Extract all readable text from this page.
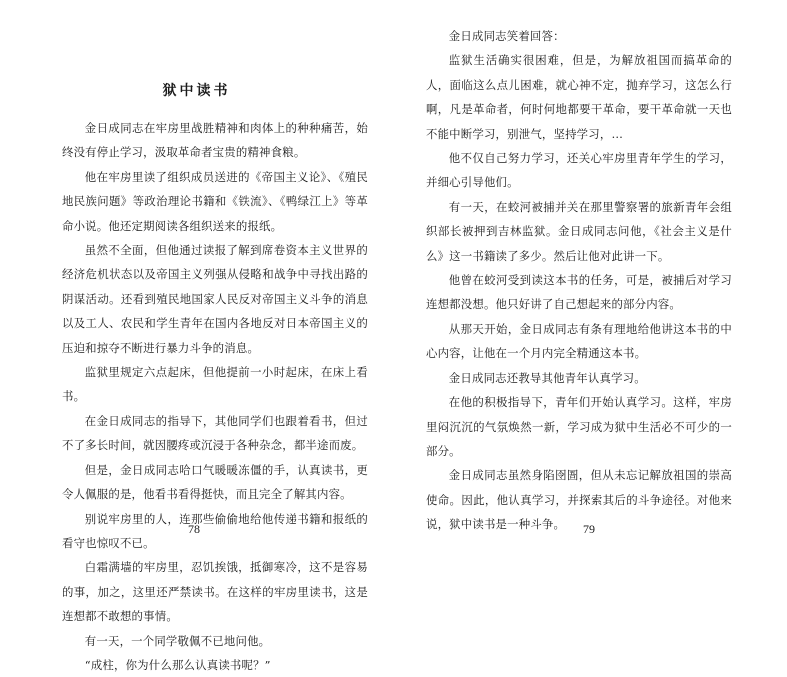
狱中读书

金日成同志在牢房里战胜精神和肉体上的种种痛苦，始终没有停止学习，汲取革命者宝贵的精神食粮。

他在牢房里读了组织成员送进的《帝国主义论》、《殖民地民族问题》等政治理论书籍和《铁流》、《鸭绿江上》等革命小说。他还定期阅读各组织送来的报纸。

虽然不全面，但他通过读报了解到席卷资本主义世界的经济危机状态以及帝国主义列强从侵略和战争中寻找出路的阴谋活动。还看到殖民地国家人民反对帝国主义斗争的消息以及工人、农民和学生青年在国内各地反对日本帝国主义的压迫和掠夺不断进行暴力斗争的消息。

监狱里规定六点起床，但他提前一小时起床，在床上看书。

在金日成同志的指导下，其他同学们也跟着看书，但过不了多长时间，就因腰疼或沉浸于各种杂念，都半途而废。

但是，金日成同志哈口气暖暖冻僵的手，认真读书，更令人佩服的是，他看书看得挺快，而且完全了解其内容。

别说牢房里的人，连那些偷偷地给他传递书籍和报纸的看守也惊叹不已。

白霜满墙的牢房里，忍饥挨饿，抵御寒冷，这不是容易的事，加之，这里还严禁读书。在这样的牢房里读书，这是连想都不敢想的事情。

有一天，一个同学敬佩不已地问他。

“成柱，你为什么那么认真读书呢？”

78

金日成同志笑着回答：

监狱生活确实很困难，但是，为解放祖国而搞革命的人，面临这么点儿困难，就心神不定，抛弃学习，这怎么行啊，凡是革命者，何时何地都要干革命，要干革命就一天也不能中断学习，别泄气，坚持学习，…

他不仅自己努力学习，还关心牢房里青年学生的学习，并细心引导他们。

有一天，在蛟河被捕并关在那里警察署的旅新青年会组织部长被押到吉林监狱。金日成同志问他，《社会主义是什么》这一书籍读了多少。然后让他对此讲一下。

他曾在蛟河受到读这本书的任务，可是，被捕后对学习连想都没想。他只好讲了自己想起来的部分内容。

从那天开始，金日成同志有条有理地给他讲这本书的中心内容，让他在一个月内完全精通这本书。

金日成同志还教导其他青年认真学习。

在他的积极指导下，青年们开始认真学习。这样，牢房里闷沉沉的气氛焕然一新，学习成为狱中生活必不可少的一部分。

金日成同志虽然身陷囹圄，但从未忘记解放祖国的崇高使命。因此，他认真学习，并探索其后的斗争途径。对他来说，狱中读书是一种斗争。	79
